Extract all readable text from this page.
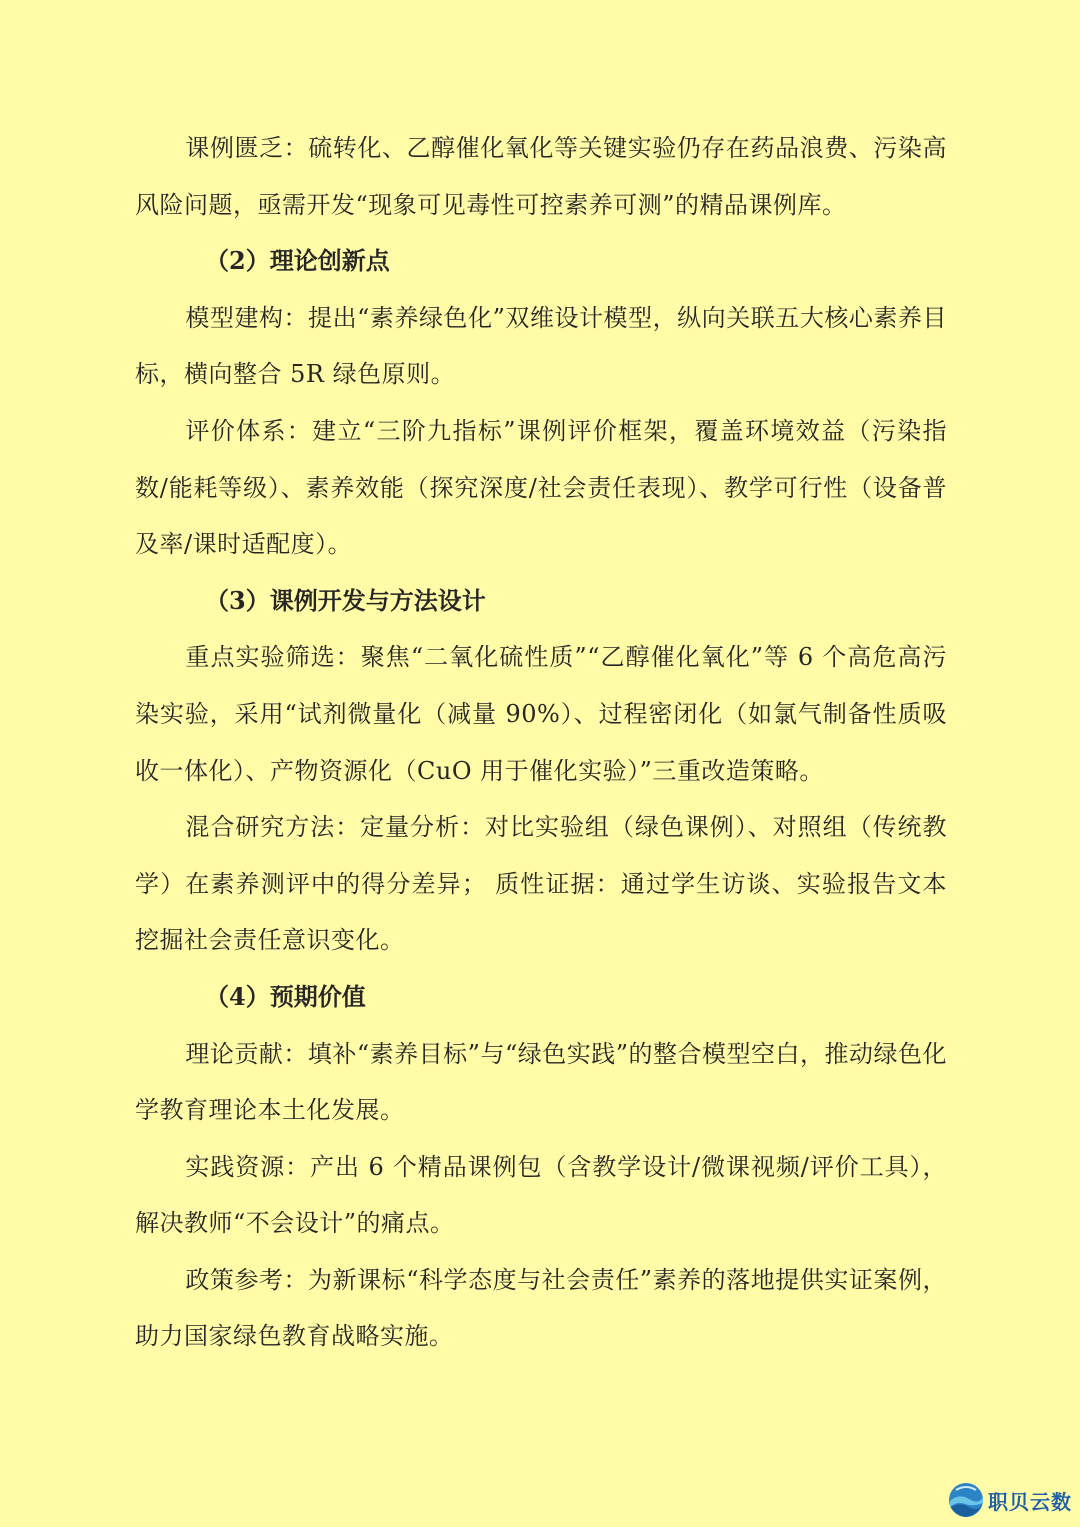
课例匮乏：硫转化、乙醇催化氧化等关键实验仍存在药品浪费、污染高风险问题，亟需开发“现象可见毒性可控素养可测”的精品课例库。

（2）理论创新点

模型建构：提出“素养绿色化”双维设计模型，纵向关联五大核心素养目标，横向整合 5R 绿色原则。

评价体系：建立“三阶九指标”课例评价框架，覆盖环境效益（污染指数/能耗等级）、素养效能（探究深度/社会责任表现）、教学可行性（设备普及率/课时适配度）。

（3）课例开发与方法设计

重点实验筛选：聚焦“二氧化硫性质”“乙醇催化氧化”等 6 个高危高污染实验，采用“试剂微量化（减量 90%）、过程密闭化（如氯气制备性质吸收一体化）、产物资源化（CuO 用于催化实验）”三重改造策略。

混合研究方法：定量分析：对比实验组（绿色课例）、对照组（传统教学）在素养测评中的得分差异； 质性证据：通过学生访谈、实验报告文本挖掘社会责任意识变化。

（4）预期价值

理论贡献：填补“素养目标”与“绿色实践”的整合模型空白，推动绿色化学教育理论本土化发展。

实践资源：产出 6 个精品课例包（含教学设计/微课视频/评价工具），解决教师“不会设计”的痛点。

政策参考：为新课标“科学态度与社会责任”素养的落地提供实证案例，助力国家绿色教育战略实施。

职贝云数
